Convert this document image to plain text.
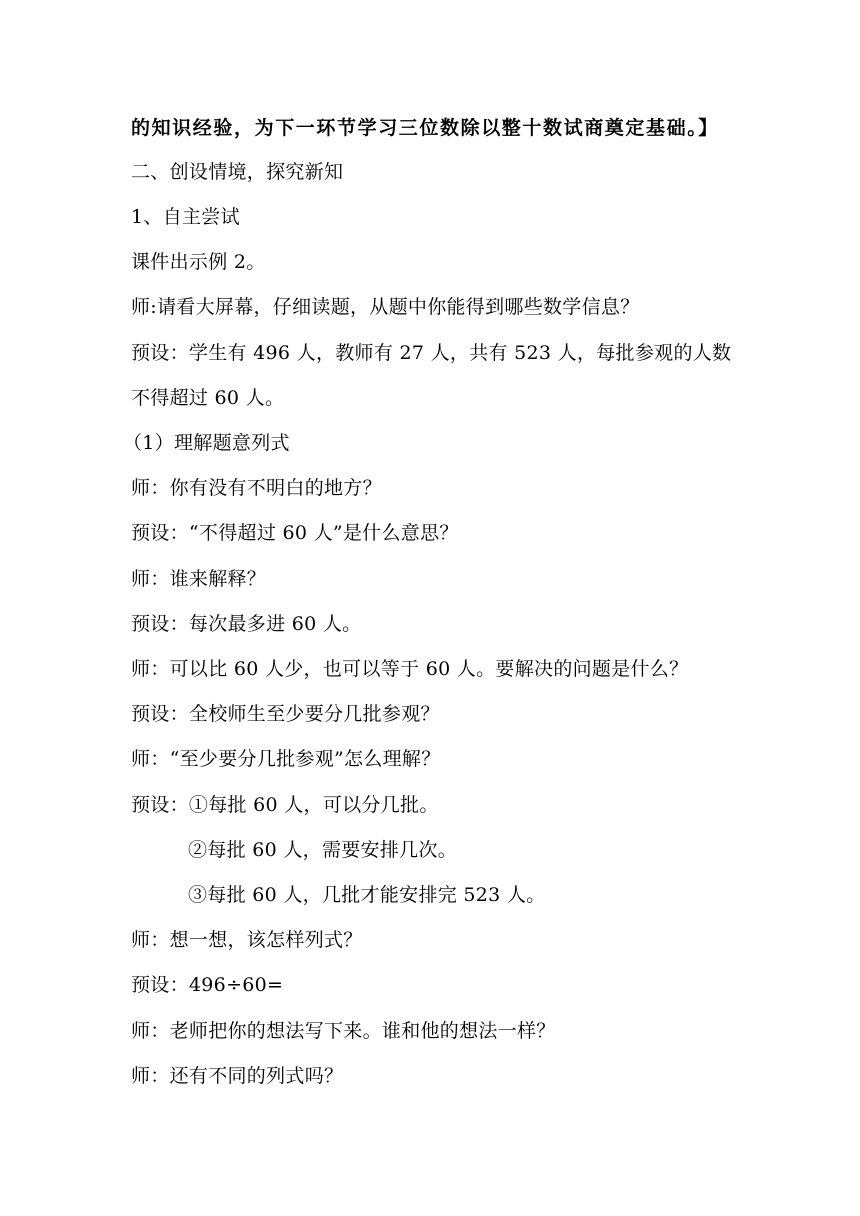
的知识经验，为下一环节学习三位数除以整十数试商奠定基础。】
二、创设情境，探究新知
1、自主尝试
课件出示例 2。
师:请看大屏幕，仔细读题，从题中你能得到哪些数学信息？
预设：学生有 496 人，教师有 27 人，共有 523 人，每批参观的人数
不得超过 60 人。
（1）理解题意列式
师：你有没有不明白的地方？
预设：“不得超过 60 人”是什么意思？
师：谁来解释？
预设：每次最多进 60 人。
师：可以比 60 人少，也可以等于 60 人。要解决的问题是什么？
预设：全校师生至少要分几批参观？
师：“至少要分几批参观”怎么理解？
预设：①每批 60 人，可以分几批。
②每批 60 人，需要安排几次。
③每批 60 人，几批才能安排完 523 人。
师：想一想，该怎样列式？
预设：496÷60=
师：老师把你的想法写下来。谁和他的想法一样？
师：还有不同的列式吗？
